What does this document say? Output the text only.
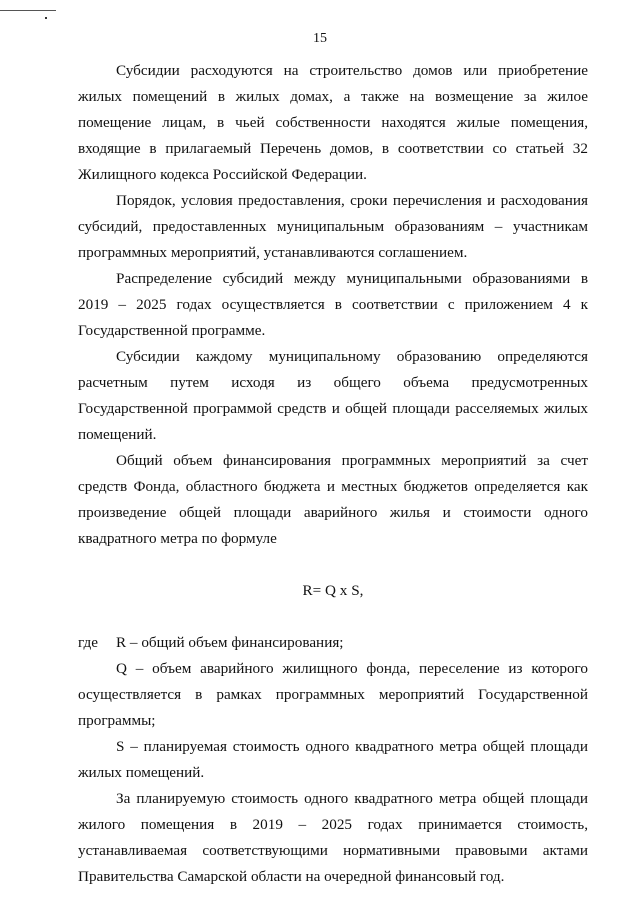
15

Субсидии расходуются на строительство домов или приобретение жилых помещений в жилых домах, а также на возмещение за жилое помещение лицам, в чьей собственности находятся жилые помещения, входящие в прилагаемый Перечень домов, в соответствии со статьей 32 Жилищного кодекса Российской Федерации.

Порядок, условия предоставления, сроки перечисления и расходования субсидий, предоставленных муниципальным образованиям – участникам программных мероприятий, устанавливаются соглашением.

Распределение субсидий между муниципальными образованиями в 2019 – 2025 годах осуществляется в соответствии с приложением 4 к Государственной программе.

Субсидии каждому муниципальному образованию определяются расчетным путем исходя из общего объема предусмотренных Государственной программой средств и общей площади расселяемых жилых помещений.

Общий объем финансирования программных мероприятий за счет средств Фонда, областного бюджета и местных бюджетов определяется как произведение общей площади аварийного жилья и стоимости одного квадратного метра по формуле

R= Q x S,

где R – общий объем финансирования;

Q – объем аварийного жилищного фонда, переселение из которого осуществляется в рамках программных мероприятий Государственной программы;

S – планируемая стоимость одного квадратного метра общей площади жилых помещений.

За планируемую стоимость одного квадратного метра общей площади жилого помещения в 2019 – 2025 годах принимается стоимость, устанавливаемая соответствующими нормативными правовыми актами Правительства Самарской области на очередной финансовый год.
